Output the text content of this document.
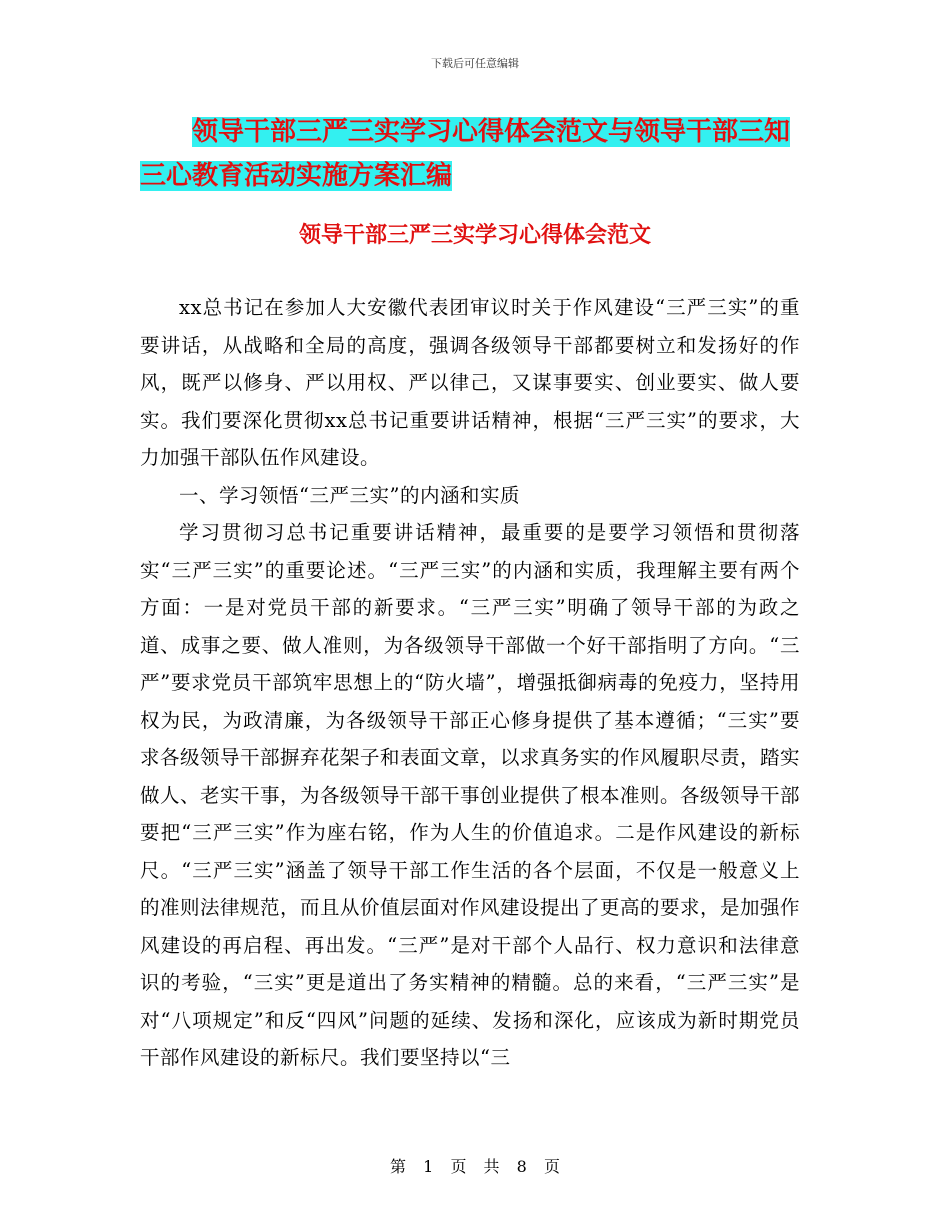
下载后可任意编辑
领导干部三严三实学习心得体会范文与领导干部三知
三心教育活动实施方案汇编
领导干部三严三实学习心得体会范文

xx总书记在参加人大安徽代表团审议时关于作风建设“三严三实”的重要讲话，从战略和全局的高度，强调各级领导干部都要树立和发扬好的作风，既严以修身、严以用权、严以律己，又谋事要实、创业要实、做人要实。我们要深化贯彻xx总书记重要讲话精神，根据“三严三实”的要求，大力加强干部队伍作风建设。

一、学习领悟“三严三实”的内涵和实质

学习贯彻习总书记重要讲话精神，最重要的是要学习领悟和贯彻落实“三严三实”的重要论述。“三严三实”的内涵和实质，我理解主要有两个方面：一是对党员干部的新要求。“三严三实”明确了领导干部的为政之道、成事之要、做人准则，为各级领导干部做一个好干部指明了方向。“三严”要求党员干部筑牢思想上的“防火墙”，增强抵御病毒的免疫力，坚持用权为民，为政清廉，为各级领导干部正心修身提供了基本遵循；“三实”要求各级领导干部摒弃花架子和表面文章，以求真务实的作风履职尽责，踏实做人、老实干事，为各级领导干部干事创业提供了根本准则。各级领导干部要把“三严三实”作为座右铭，作为人生的价值追求。二是作风建设的新标尺。“三严三实”涵盖了领导干部工作生活的各个层面，不仅是一般意义上的准则法律规范，而且从价值层面对作风建设提出了更高的要求，是加强作风建设的再启程、再出发。“三严”是对干部个人品行、权力意识和法律意识的考验，“三实”更是道出了务实精神的精髓。总的来看，“三严三实”是对“八项规定”和反“四风”问题的延续、发扬和深化，应该成为新时期党员干部作风建设的新标尺。我们要坚持以“三

第 1 页 共 8 页
